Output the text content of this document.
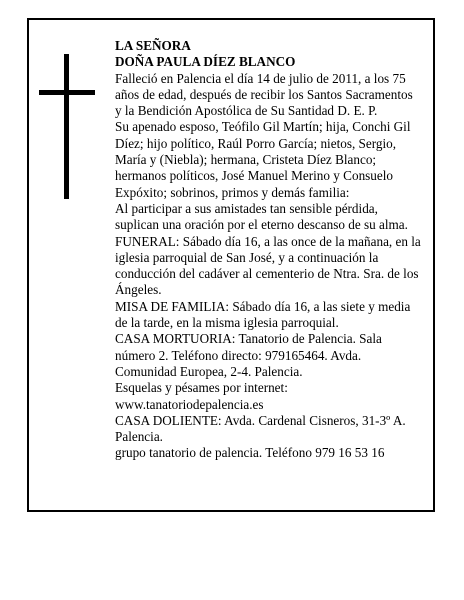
LA SEÑORA

DOÑA PAULA DÍEZ BLANCO

Falleció en Palencia el día 14 de julio de 2011, a los 75 años de edad, después de recibir los Santos Sacramentos y la Bendición Apostólica de Su Santidad D. E. P.

Su apenado esposo, Teófilo Gil Martín; hija, Conchi Gil Díez; hijo político, Raúl Porro García; nietos, Sergio, María y (Niebla); hermana, Cristeta Díez Blanco; hermanos políticos, José Manuel Merino y Consuelo Expóxito; sobrinos, primos y demás familia:

Al participar a sus amistades tan sensible pérdida, suplican una oración por el eterno descanso de su alma.

FUNERAL: Sábado día 16, a las once de la mañana, en la iglesia parroquial de San José, y a continuación la conducción del cadáver al cementerio de Ntra. Sra. de los Ángeles.

MISA DE FAMILIA: Sábado día 16, a las siete y media de la tarde, en la misma iglesia parroquial.

CASA MORTUORIA: Tanatorio de Palencia. Sala número 2. Teléfono directo: 979165464. Avda. Comunidad Europea, 2-4. Palencia.

Esquelas y pésames por internet: www.tanatoriodepalencia.es

CASA DOLIENTE: Avda. Cardenal Cisneros, 31-3º A. Palencia.

grupo tanatorio de palencia. Teléfono 979 16 53 16
